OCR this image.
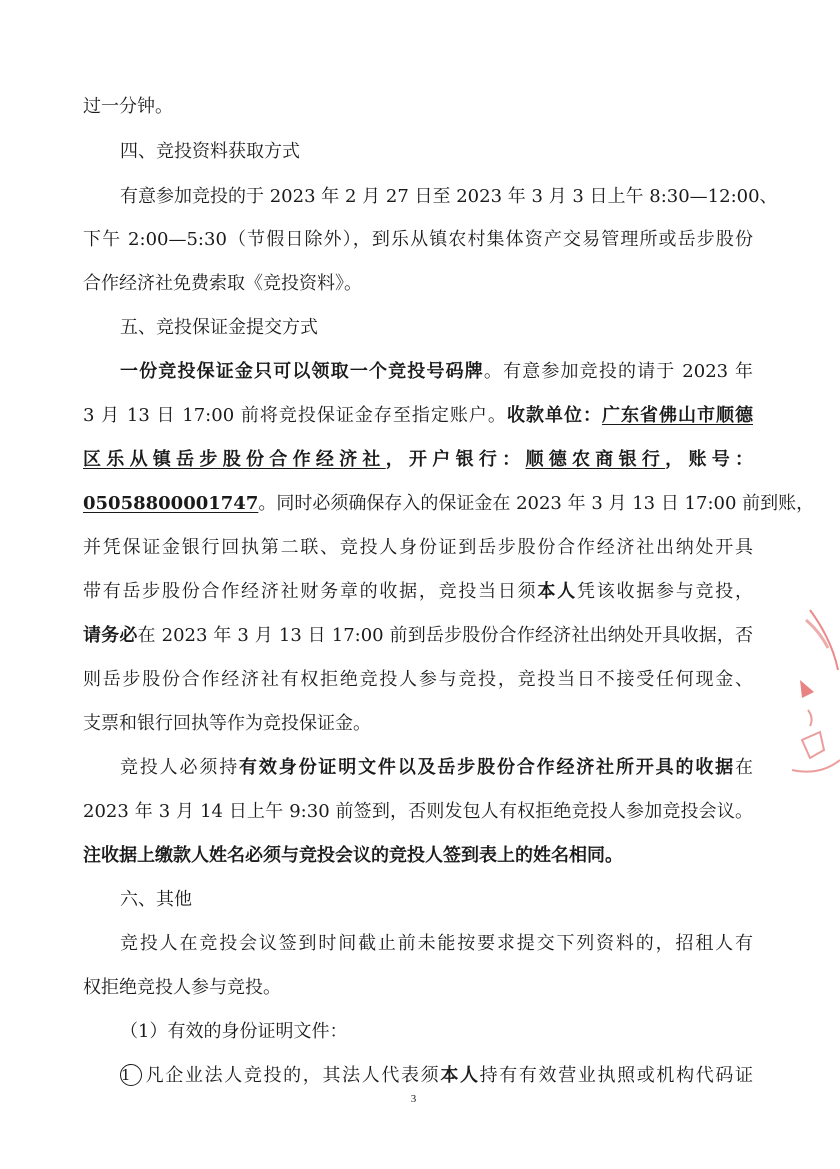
过一分钟。
四、竞投资料获取方式
有意参加竞投的于 2023 年 2 月 27 日至 2023 年 3 月 3 日上午 8:30—12:00、
下午 2:00—5:30（节假日除外），到乐从镇农村集体资产交易管理所或岳步股份
合作经济社免费索取《竞投资料》。
五、竞投保证金提交方式
一份竞投保证金只可以领取一个竞投号码牌。有意参加竞投的请于 2023 年
3 月 13 日 17:00 前将竞投保证金存至指定账户。收款单位：广东省佛山市顺德
区乐从镇岳步股份合作经济社，开户银行：顺德农商银行，账号：
05058800001747。同时必须确保存入的保证金在 2023 年 3 月 13 日 17:00 前到账，
并凭保证金银行回执第二联、竞投人身份证到岳步股份合作经济社出纳处开具
带有岳步股份合作经济社财务章的收据，竞投当日须本人凭该收据参与竞投，
请务必在 2023 年 3 月 13 日 17:00 前到岳步股份合作经济社出纳处开具收据，否
则岳步股份合作经济社有权拒绝竞投人参与竞投，竞投当日不接受任何现金、
支票和银行回执等作为竞投保证金。
竞投人必须持有效身份证明文件以及岳步股份合作经济社所开具的收据在
2023 年 3 月 14 日上午 9:30 前签到，否则发包人有权拒绝竞投人参加竞投会议。
注收据上缴款人姓名必须与竞投会议的竞投人签到表上的姓名相同。
六、其他
竞投人在竞投会议签到时间截止前未能按要求提交下列资料的，招租人有
权拒绝竞投人参与竞投。
（1）有效的身份证明文件：
1 凡企业法人竞投的，其法人代表须本人持有有效营业执照或机构代码证
3
